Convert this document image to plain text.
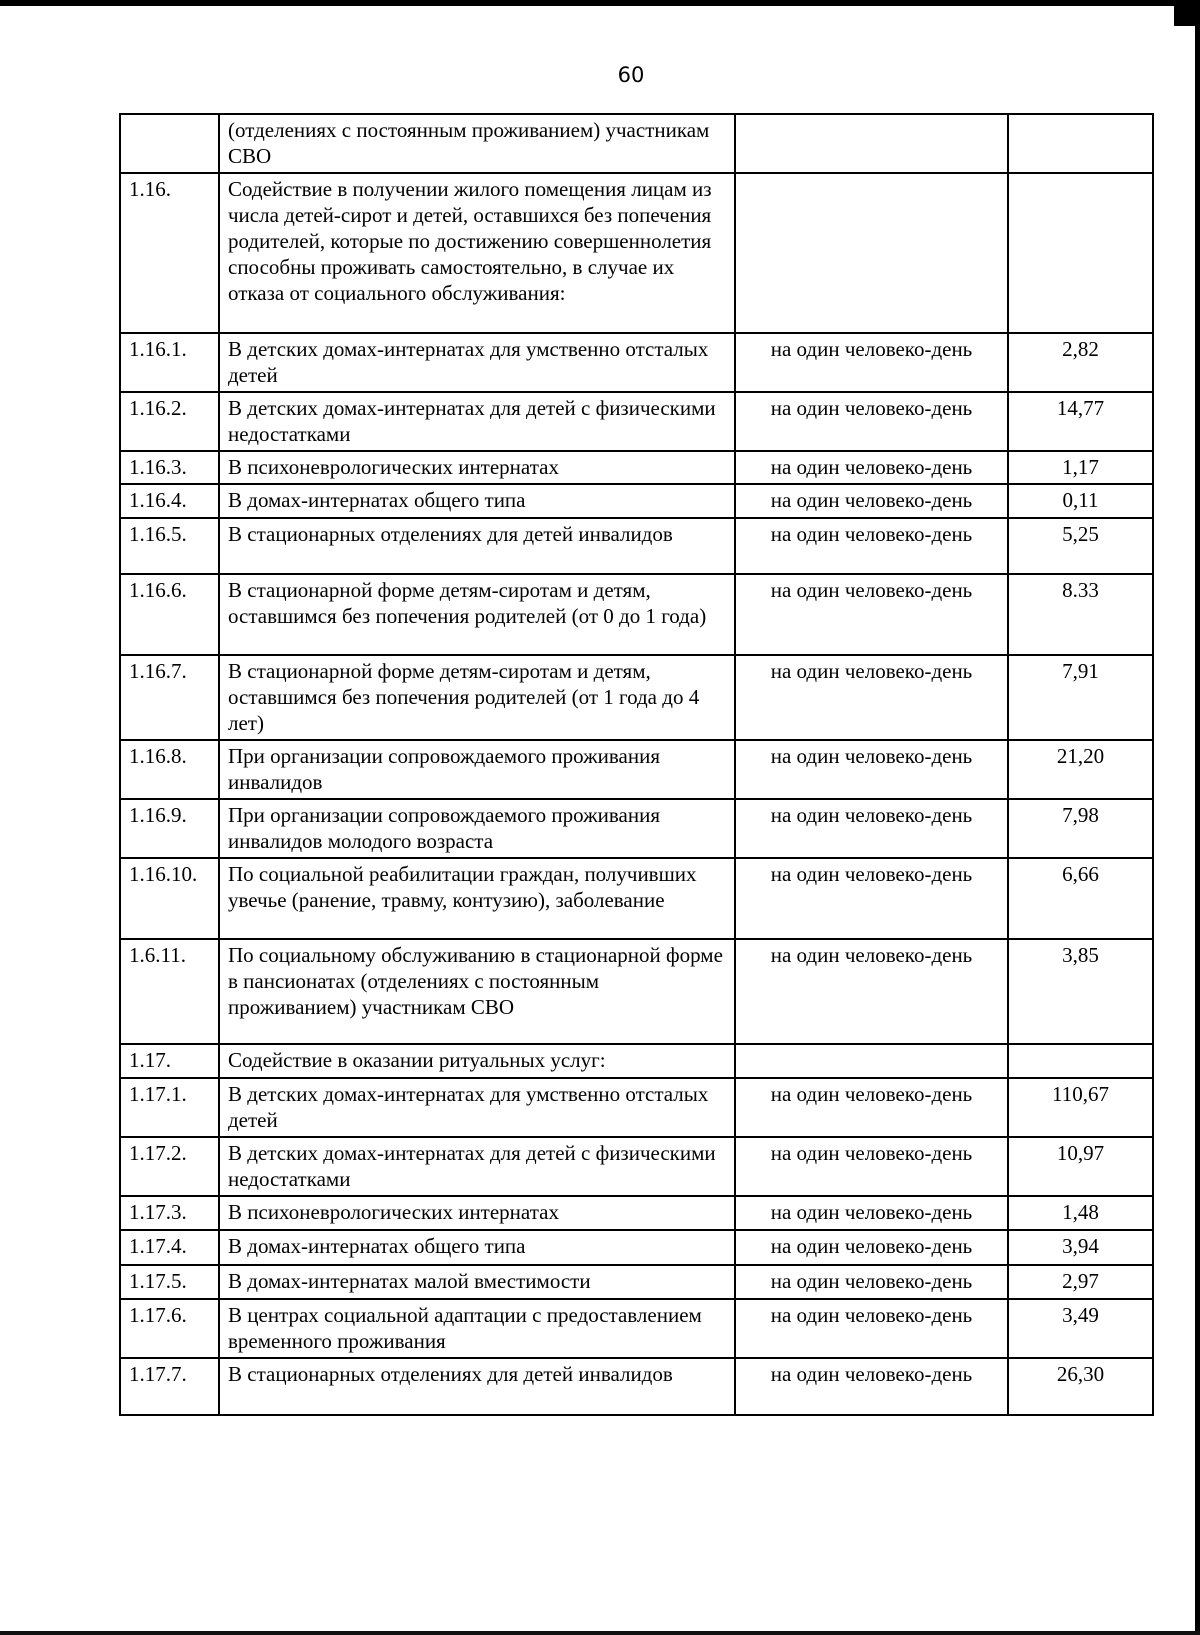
60
	(отделениях с постоянным проживанием) участникам СВО		
1.16.	Содействие в получении жилого помещения лицам из числа детей-сирот и детей, оставшихся без попечения родителей, которые по достижению совершеннолетия способны проживать самостоятельно, в случае их отказа от социального обслуживания:		
1.16.1.	В детских домах-интернатах для умственно отсталых детей	на один человеко-день	2,82
1.16.2.	В детских домах-интернатах для детей с физическими недостатками	на один человеко-день	14,77
1.16.3.	В психоневрологических интернатах	на один человеко-день	1,17
1.16.4.	В домах-интернатах общего типа	на один человеко-день	0,11
1.16.5.	В стационарных отделениях для детей инвалидов	на один человеко-день	5,25
1.16.6.	В стационарной форме детям-сиротам и детям, оставшимся без попечения родителей (от 0 до 1 года)	на один человеко-день	8.33
1.16.7.	В стационарной форме детям-сиротам и детям, оставшимся без попечения родителей (от 1 года до 4 лет)	на один человеко-день	7,91
1.16.8.	При организации сопровождаемого проживания инвалидов	на один человеко-день	21,20
1.16.9.	При организации сопровождаемого проживания инвалидов молодого возраста	на один человеко-день	7,98
1.16.10.	По социальной реабилитации граждан, получивших увечье (ранение, травму, контузию), заболевание	на один человеко-день	6,66
1.6.11.	По социальному обслуживанию в стационарной форме в пансионатах (отделениях с постоянным проживанием) участникам СВО	на один человеко-день	3,85
1.17.	Содействие в оказании ритуальных услуг:		
1.17.1.	В детских домах-интернатах для умственно отсталых детей	на один человеко-день	110,67
1.17.2.	В детских домах-интернатах для детей с физическими недостатками	на один человеко-день	10,97
1.17.3.	В психоневрологических интернатах	на один человеко-день	1,48
1.17.4.	В домах-интернатах общего типа	на один человеко-день	3,94
1.17.5.	В домах-интернатах малой вместимости	на один человеко-день	2,97
1.17.6.	В центрах социальной адаптации с предоставлением временного проживания	на один человеко-день	3,49
1.17.7.	В стационарных отделениях для детей инвалидов	на один человеко-день	26,30
